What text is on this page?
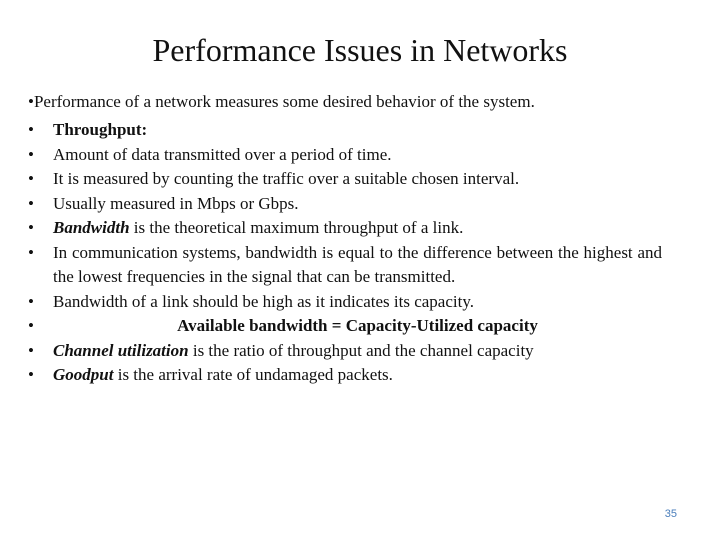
Performance Issues in Networks
•Performance of a network measures some desired behavior of the system.
• Throughput:
• Amount of data transmitted over a period of time.
• It is measured by counting the traffic over a suitable chosen interval.
• Usually measured in Mbps or Gbps.
• Bandwidth is the theoretical maximum throughput of a link.
• In communication systems, bandwidth is equal to the difference between the highest and the lowest frequencies in the signal that can be transmitted.
• Bandwidth of a link should be high as it indicates its capacity.
•	Available bandwidth = Capacity-Utilized capacity
• Channel utilization is the ratio of throughput and the channel capacity
• Goodput is the arrival rate of undamaged packets.
35
